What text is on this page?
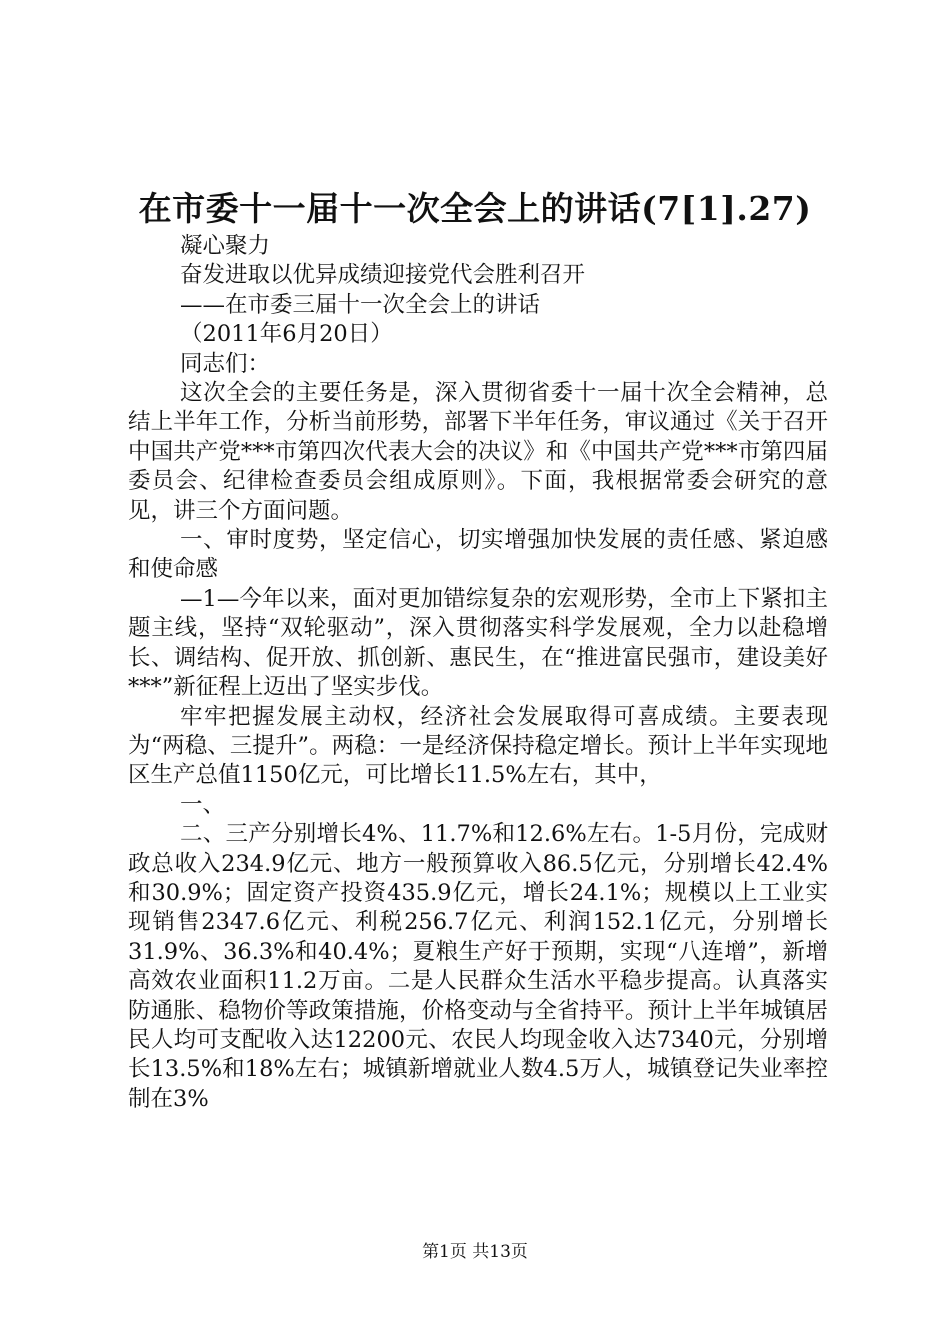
在市委十一届十一次全会上的讲话(7[1].27)

凝心聚力

奋发进取以优异成绩迎接党代会胜利召开

——在市委三届十一次全会上的讲话

（2011年6月20日）

同志们：

这次全会的主要任务是，深入贯彻省委十一届十次全会精神，总结上半年工作，分析当前形势，部署下半年任务，审议通过《关于召开中国共产党***市第四次代表大会的决议》和《中国共产党***市第四届委员会、纪律检查委员会组成原则》。下面，我根据常委会研究的意见，讲三个方面问题。

一、审时度势，坚定信心，切实增强加快发展的责任感、紧迫感和使命感

—1—今年以来，面对更加错综复杂的宏观形势，全市上下紧扣主题主线，坚持“双轮驱动”，深入贯彻落实科学发展观，全力以赴稳增长、调结构、促开放、抓创新、惠民生，在“推进富民强市，建设美好***”新征程上迈出了坚实步伐。

牢牢把握发展主动权，经济社会发展取得可喜成绩。主要表现为“两稳、三提升”。两稳：一是经济保持稳定增长。预计上半年实现地区生产总值1150亿元，可比增长11.5%左右，其中，

一、

二、三产分别增长4%、11.7%和12.6%左右。1-5月份，完成财政总收入234.9亿元、地方一般预算收入86.5亿元，分别增长42.4%和30.9%；固定资产投资435.9亿元，增长24.1%；规模以上工业实现销售2347.6亿元、利税256.7亿元、利润152.1亿元，分别增长31.9%、36.3%和40.4%；夏粮生产好于预期，实现“八连增”，新增高效农业面积11.2万亩。二是人民群众生活水平稳步提高。认真落实防通胀、稳物价等政策措施，价格变动与全省持平。预计上半年城镇居民人均可支配收入达12200元、农民人均现金收入达7340元，分别增长13.5%和18%左右；城镇新增就业人数4.5万人，城镇登记失业率控制在3%

第1页 共13页
